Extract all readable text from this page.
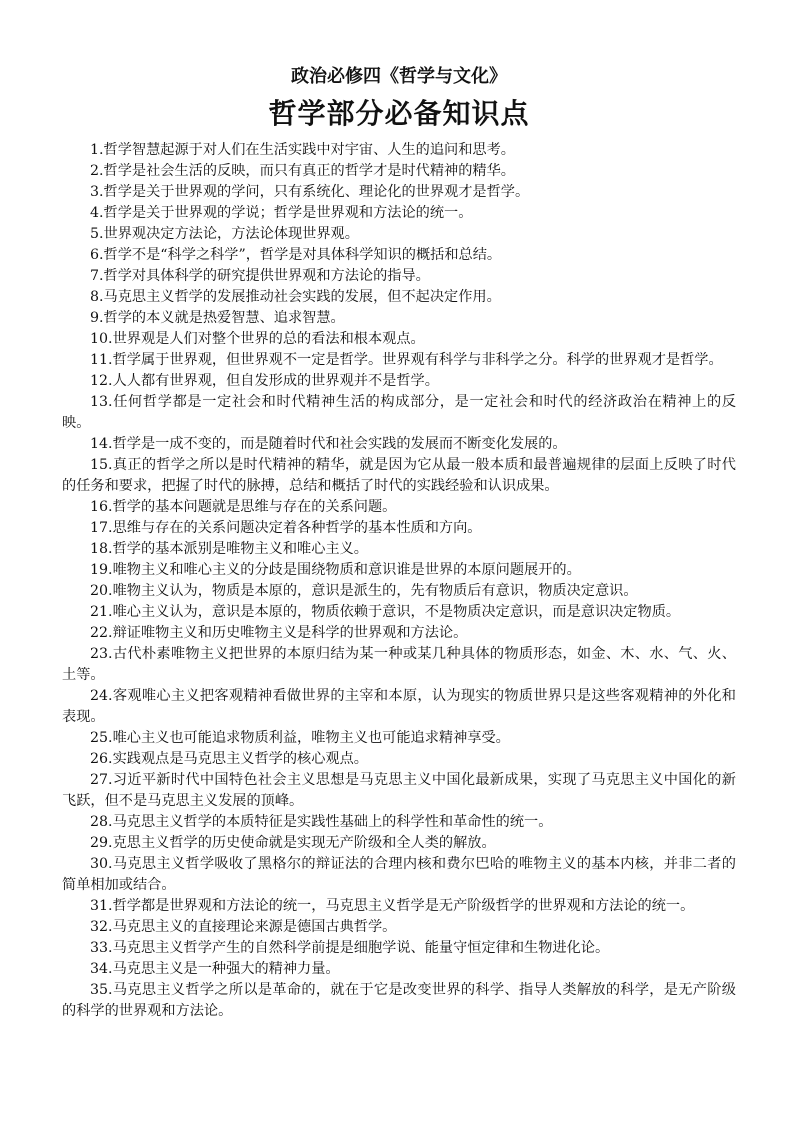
政治必修四《哲学与文化》
哲学部分必备知识点
1.哲学智慧起源于对人们在生活实践中对宇宙、人生的追问和思考。
2.哲学是社会生活的反映，而只有真正的哲学才是时代精神的精华。
3.哲学是关于世界观的学问，只有系统化、理论化的世界观才是哲学。
4.哲学是关于世界观的学说；哲学是世界观和方法论的统一。
5.世界观决定方法论，方法论体现世界观。
6.哲学不是“科学之科学”，哲学是对具体科学知识的概括和总结。
7.哲学对具体科学的研究提供世界观和方法论的指导。
8.马克思主义哲学的发展推动社会实践的发展，但不起决定作用。
9.哲学的本义就是热爱智慧、追求智慧。
10.世界观是人们对整个世界的总的看法和根本观点。
11.哲学属于世界观，但世界观不一定是哲学。世界观有科学与非科学之分。科学的世界观才是哲学。
12.人人都有世界观，但自发形成的世界观并不是哲学。
13.任何哲学都是一定社会和时代精神生活的构成部分，是一定社会和时代的经济政治在精神上的反映。
14.哲学是一成不变的，而是随着时代和社会实践的发展而不断变化发展的。
15.真正的哲学之所以是时代精神的精华，就是因为它从最一般本质和最普遍规律的层面上反映了时代的任务和要求，把握了时代的脉搏，总结和概括了时代的实践经验和认识成果。
16.哲学的基本问题就是思维与存在的关系问题。
17.思维与存在的关系问题决定着各种哲学的基本性质和方向。
18.哲学的基本派别是唯物主义和唯心主义。
19.唯物主义和唯心主义的分歧是围绕物质和意识谁是世界的本原问题展开的。
20.唯物主义认为，物质是本原的，意识是派生的，先有物质后有意识，物质决定意识。
21.唯心主义认为，意识是本原的，物质依赖于意识，不是物质决定意识，而是意识决定物质。
22.辩证唯物主义和历史唯物主义是科学的世界观和方法论。
23.古代朴素唯物主义把世界的本原归结为某一种或某几种具体的物质形态，如金、木、水、气、火、土等。
24.客观唯心主义把客观精神看做世界的主宰和本原，认为现实的物质世界只是这些客观精神的外化和表现。
25.唯心主义也可能追求物质利益，唯物主义也可能追求精神享受。
26.实践观点是马克思主义哲学的核心观点。
27.习近平新时代中国特色社会主义思想是马克思主义中国化最新成果，实现了马克思主义中国化的新飞跃，但不是马克思主义发展的顶峰。
28.马克思主义哲学的本质特征是实践性基础上的科学性和革命性的统一。
29.克思主义哲学的历史使命就是实现无产阶级和全人类的解放。
30.马克思主义哲学吸收了黑格尔的辩证法的合理内核和费尔巴哈的唯物主义的基本内核，并非二者的简单相加或结合。
31.哲学都是世界观和方法论的统一，马克思主义哲学是无产阶级哲学的世界观和方法论的统一。
32.马克思主义的直接理论来源是德国古典哲学。
33.马克思主义哲学产生的自然科学前提是细胞学说、能量守恒定律和生物进化论。
34.马克思主义是一种强大的精神力量。
35.马克思主义哲学之所以是革命的，就在于它是改变世界的科学、指导人类解放的科学，是无产阶级的科学的世界观和方法论。
